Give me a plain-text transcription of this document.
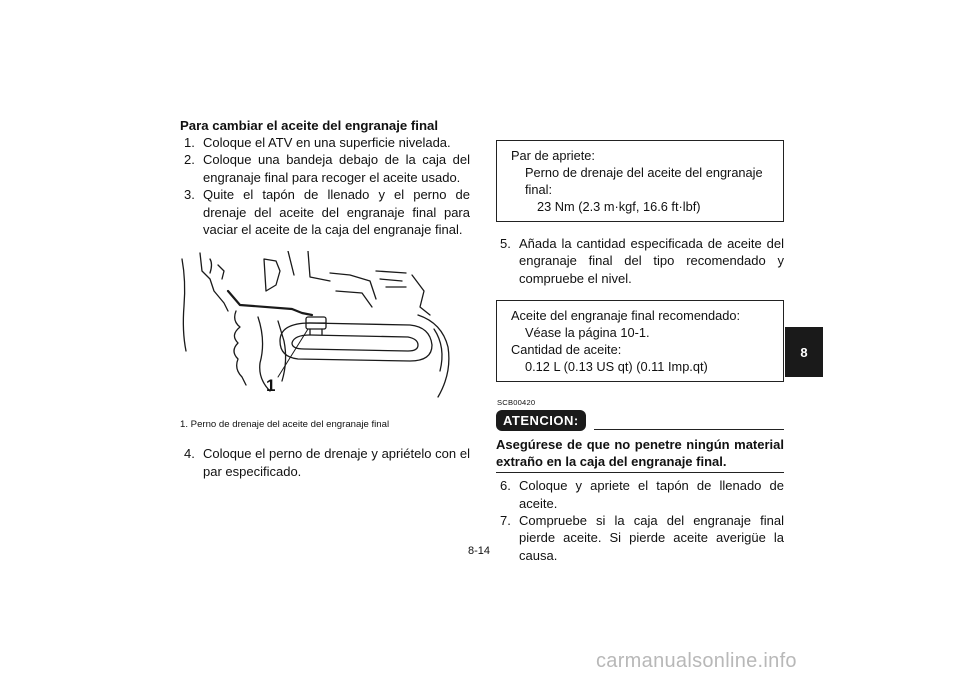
Para cambiar el aceite del engranaje final
1. Coloque el ATV en una superficie nivelada.
2. Coloque una bandeja debajo de la caja del engranaje final para recoger el aceite usado.
3. Quite el tapón de llenado y el perno de drenaje del aceite del engranaje final para vaciar el aceite de la caja del engranaje final.
1
1. Perno de drenaje del aceite del engranaje final
4. Coloque el perno de drenaje y apriételo con el par especificado.
Par de apriete:
Perno de drenaje del aceite del engranaje final:
23 Nm (2.3 m·kgf, 16.6 ft·lbf)
5. Añada la cantidad especificada de aceite del engranaje final del tipo recomendado y compruebe el nivel.
Aceite del engranaje final recomendado:
Véase la página 10-1.
Cantidad de aceite:
0.12 L (0.13 US qt) (0.11 Imp.qt)
SCB00420
ATENCION:
Asegúrese de que no penetre ningún material extraño en la caja del engranaje final.
6. Coloque y apriete el tapón de llenado de aceite.
7. Compruebe si la caja del engranaje final pierde aceite. Si pierde aceite averigüe la causa.
8
8-14
carmanualsonline.info
